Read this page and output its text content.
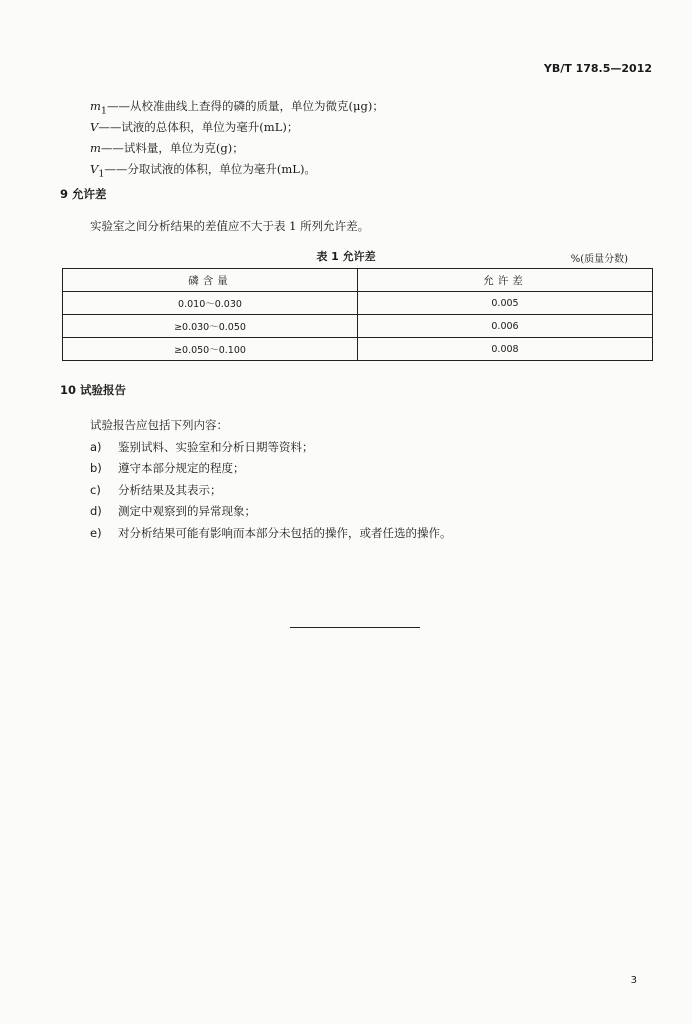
YB/T 178.5—2012
$m_1——$从校准曲线上查得的磷的质量，单位为微克(μg)；
V——试液的总体积，单位为毫升(mL)；
m——试料量，单位为克(g)；
$V_1——$分取试液的体积，单位为毫升(mL)。
9 允许差
实验室之间分析结果的差值应不大于表 1 所列允许差。
表 1 允许差	%(质量分数)
磷含量	允许差
0.010～0.030	0.005
≥0.030～0.050	0.006
≥0.050～0.100	0.008
10 试验报告
试验报告应包括下列内容：
a) 鉴别试料、实验室和分析日期等资料；
b) 遵守本部分规定的程度；
c) 分析结果及其表示；
d) 测定中观察到的异常现象；
e) 对分析结果可能有影响而本部分未包括的操作，或者任选的操作。
3
